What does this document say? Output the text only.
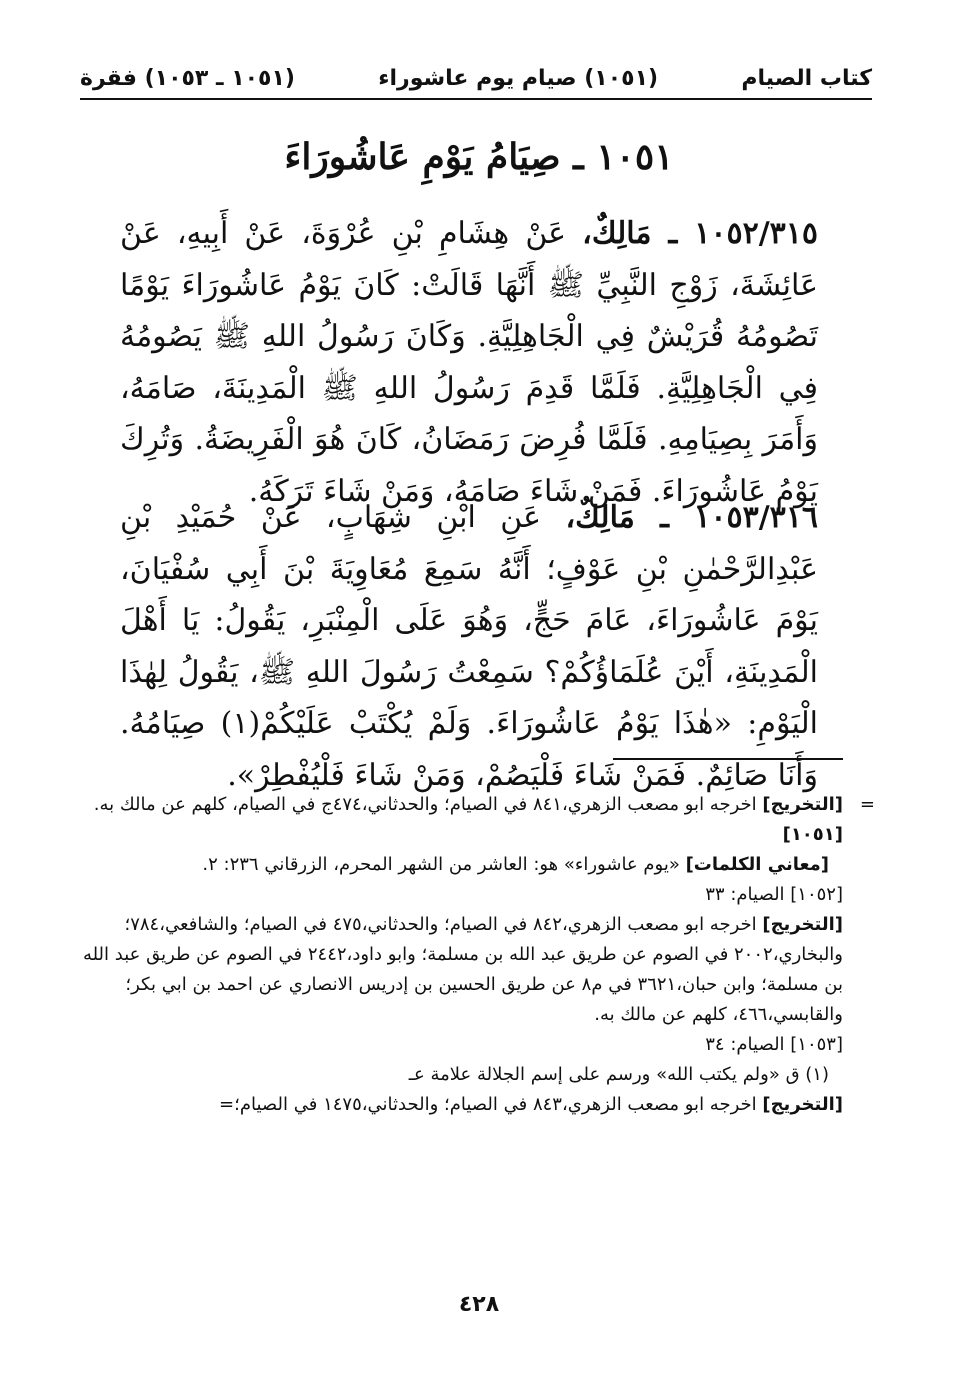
كتاب الصيام
(١٠٥١) صيام يوم عاشوراء
(١٠٥١ ـ ١٠٥٣) فقرة
١٠٥١ ـ صِيَامُ يَوْمِ عَاشُورَاءَ
١٠٥٢/٣١٥ ـ مَالِكٌ، عَنْ هِشَامِ بْنِ عُرْوَةَ، عَنْ أَبِيهِ، عَنْ عَائِشَةَ، زَوْجِ النَّبِيِّ ﷺ أَنَّهَا قَالَتْ: كَانَ يَوْمُ عَاشُورَاءَ يَوْمًا تَصُومُهُ قُرَيْشٌ فِي الْجَاهِلِيَّةِ. وَكَانَ رَسُولُ اللهِ ﷺ يَصُومُهُ فِي الْجَاهِلِيَّةِ. فَلَمَّا قَدِمَ رَسُولُ اللهِ ﷺ الْمَدِينَةَ، صَامَهُ، وَأَمَرَ بِصِيَامِهِ. فَلَمَّا فُرِضَ رَمَضَانُ، كَانَ هُوَ الْفَرِيضَةُ. وَتُرِكَ يَوْمُ عَاشُورَاءَ. فَمَنْ شَاءَ صَامَهُ، وَمَنْ شَاءَ تَرَكَهُ.
١٠٥٣/٣١٦ ـ مَالِكٌ، عَنِ ابْنِ شِهَابٍ، عَنْ حُمَيْدِ بْنِ عَبْدِالرَّحْمٰنِ بْنِ عَوْفٍ؛ أَنَّهُ سَمِعَ مُعَاوِيَةَ بْنَ أَبِي سُفْيَانَ، يَوْمَ عَاشُورَاءَ، عَامَ حَجٍّ، وَهُوَ عَلَى الْمِنْبَرِ، يَقُولُ: يَا أَهْلَ الْمَدِينَةِ، أَيْنَ عُلَمَاؤُكُمْ؟ سَمِعْتُ رَسُولَ اللهِ ﷺ، يَقُولُ لِهٰذَا الْيَوْمِ: «هٰذَا يَوْمُ عَاشُورَاءَ. وَلَمْ يُكْتَبْ عَلَيْكُمْ(١) صِيَامُهُ. وَأَنَا صَائِمٌ. فَمَنْ شَاءَ فَلْيَصُمْ، وَمَنْ شَاءَ فَلْيُفْطِرْ».

=
[التخريج] اخرجه ابو مصعب الزهري،٨٤١ في الصيام؛ والحدثاني،٤٧٤ج في الصيام، كلهم عن مالك به.

[١٠٥١]

[معاني الكلمات] «يوم عاشوراء» هو: العاشر من الشهر المحرم، الزرقاني ٢٣٦: ٢.

[١٠٥٢] الصيام: ٣٣

[التخريج] اخرجه ابو مصعب الزهري،٨٤٢ في الصيام؛ والحدثاني،٤٧٥ في الصيام؛ والشافعي،٧٨٤؛ والبخاري،٢٠٠٢ في الصوم عن طريق عبد الله بن مسلمة؛ وابو داود،٢٤٤٢ في الصوم عن طريق عبد الله بن مسلمة؛ وابن حبان،٣٦٢١ في م٨ عن طريق الحسين بن إدريس الانصاري عن احمد بن ابي بكر؛ والقابسي،٤٦٦، كلهم عن مالك به.

[١٠٥٣] الصيام: ٣٤

(١) ق «ولم يكتب الله» ورسم على إسم الجلالة علامة عـ

[التخريج] اخرجه ابو مصعب الزهري،٨٤٣ في الصيام؛ والحدثاني،١٤٧٥ في الصيام؛=

٤٢٨
